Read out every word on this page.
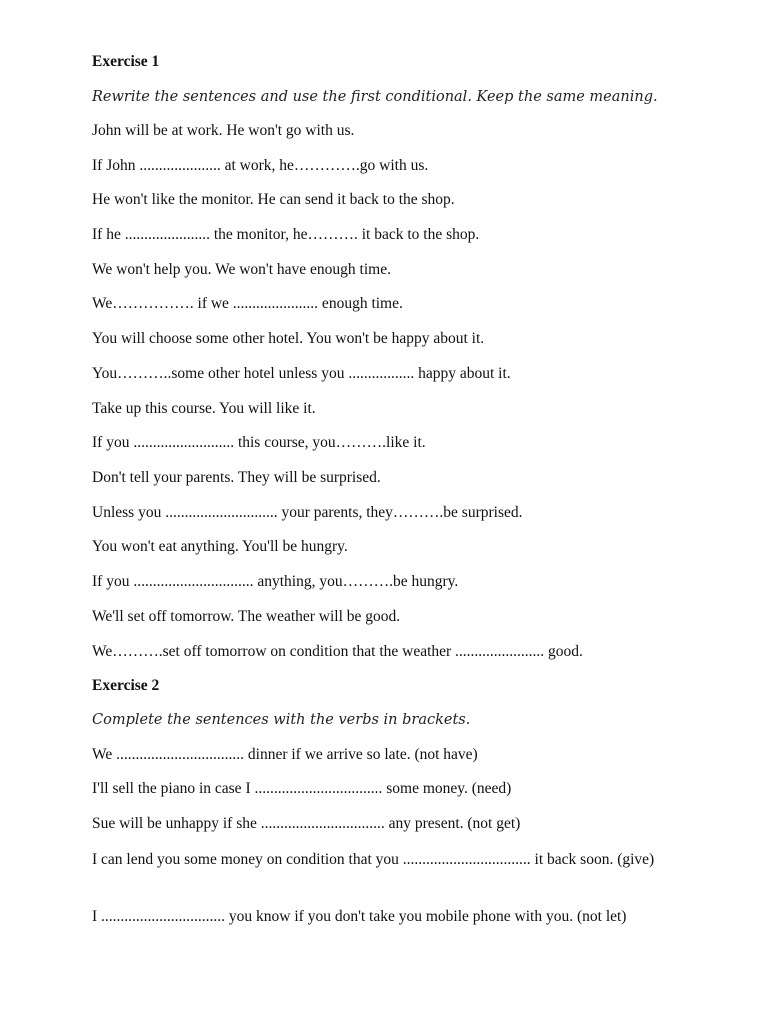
Exercise 1

Rewrite the sentences and use the first conditional. Keep the same meaning.

John will be at work. He won't go with us.

If John ..................... at work, he………….go with us.

He won't like the monitor. He can send it back to the shop.

If he ...................... the monitor, he………. it back to the shop.

We won't help you. We won't have enough time.

We……………. if we ...................... enough time.

You will choose some other hotel. You won't be happy about it.

You………..some other hotel unless you ................. happy about it.

Take up this course. You will like it.

If you .......................... this course, you……….like it.

Don't tell your parents. They will be surprised.

Unless you ............................. your parents, they……….be surprised.

You won't eat anything. You'll be hungry.

If you ............................... anything, you……….be hungry.

We'll set off tomorrow. The weather will be good.

We……….set off tomorrow on condition that the weather ....................... good.

Exercise 2

Complete the sentences with the verbs in brackets.

We ................................. dinner if we arrive so late. (not have)

I'll sell the piano in case I ................................. some money. (need)

Sue will be unhappy if she ................................ any present. (not get)

I can lend you some money on condition that you ................................. it back soon. (give)

I ................................ you know if you don't take you mobile phone with you. (not let)
